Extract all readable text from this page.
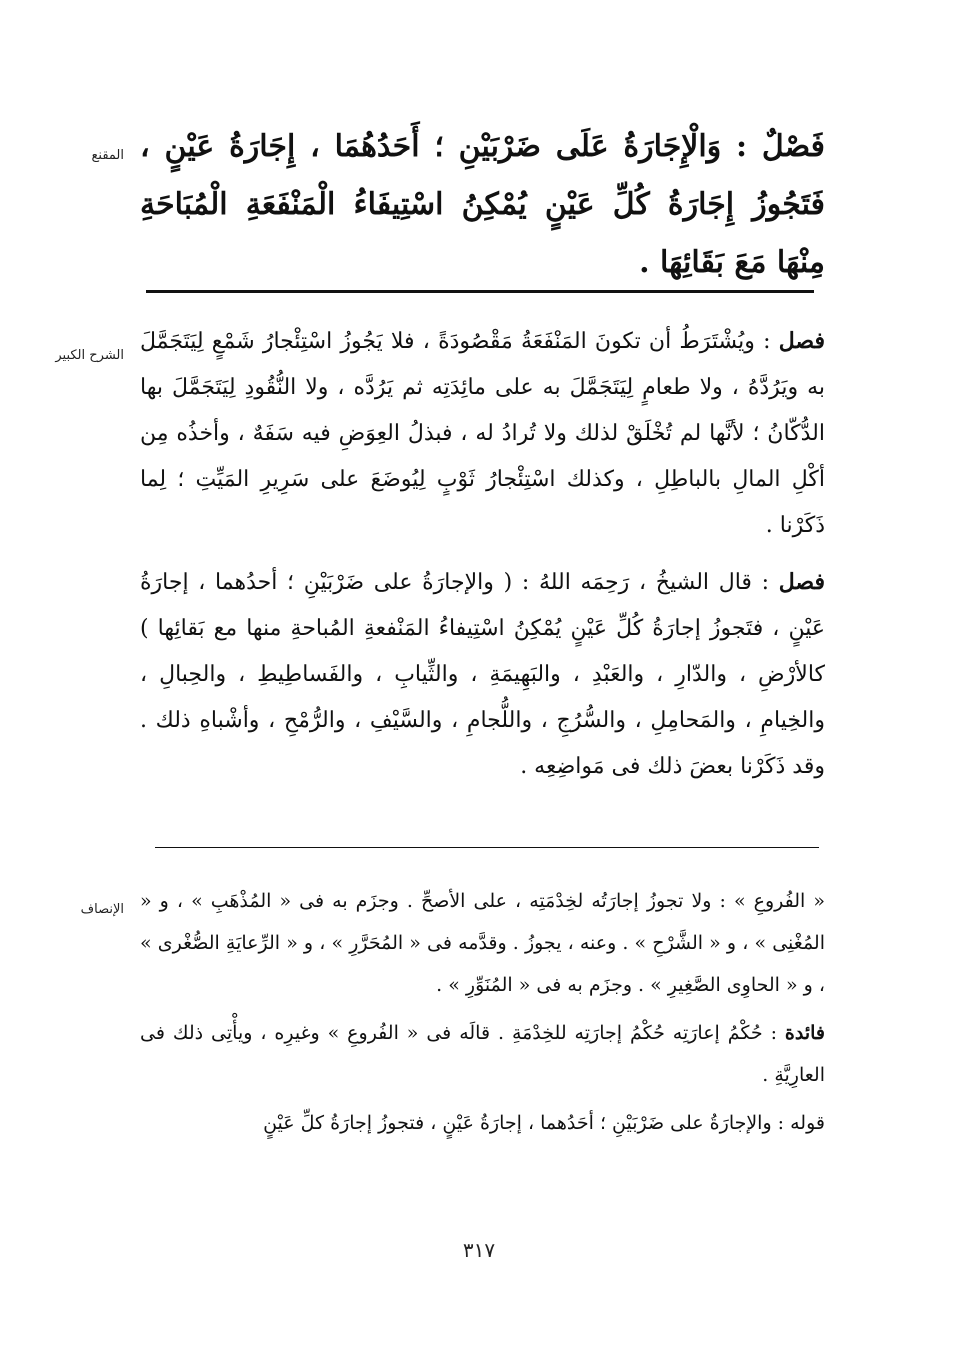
المقنع	فَصْلٌ : وَالْإِجَارَةُ عَلَى ضَرْبَيْنِ ؛ أَحَدُهُمَا ، إِجَارَةُ عَيْنٍ ، فَتَجُوزُ إِجَارَةُ كُلِّ عَيْنٍ يُمْكِنُ اسْتِيفَاءُ الْمَنْفَعَةِ الْمُبَاحَةِ مِنْهَا مَعَ بَقَائِهَا .

الشرح الكبير

فصل : ويُشْتَرَطُ أن تكونَ المَنْفَعَةُ مَقْصُودَةً ، فلا يَجُوزُ اسْتِئْجارُ شَمْعٍ لِيَتَجَمَّلَ به ويَرُدَّهُ ، ولا طعامٍ لِيَتَجَمَّلَ به على مائِدَتِه ثم يَرُدَّه ، ولا النُّقُودِ لِيَتَجَمَّلَ بها الدُّكّانُ ؛ لأنَّها لم تُخْلَقْ لذلك ولا تُرادُ له ، فبذلُ العِوَضِ فيه سَفَهٌ ، وأخذُه مِن أكْلِ المالِ بالباطِلِ ، وكذلك اسْتِئْجارُ ثَوْبٍ لِيُوضَعَ على سَرِيرِ المَيِّتِ ؛ لِما ذَكَرْنا .

فصل : قال الشيخُ ، رَحِمَه اللهُ : ( والإجارَةُ على ضَرْبَيْنِ ؛ أحدُهما ، إجارَةُ عَيْنٍ ، فتَجوزُ إجارَةُ كُلِّ عَيْنٍ يُمْكِنُ اسْتِيفاءُ المَنْفعةِ المُباحةِ منها مع بَقائِها ) كالأرْضِ ، والدّارِ ، والعَبْدِ ، والبَهِيمَةِ ، والثِّيابِ ، والفَساطِيطِ ، والحِبالِ ، والخِيامِ ، والمَحامِلِ ، والسُّرُجِ ، واللُّجامِ ، والسَّيْفِ ، والرُّمْحِ ، وأشْباهِ ذلك . وقد ذَكَرْنا بعضَ ذلك فى مَواضِعِه .

الإنصاف « الفُروعِ » : ولا تجوزُ إجارَتُه لخِدْمَتِه ، على الأصحِّ . وجزَم به فى « المُذْهَبِ » ، و « المُغْنِى » ، و « الشَّرْحِ » . وعنه ، يجوزُ . وقدَّمه فى « المُحَرَّرِ » ، و « الرِّعايَةِ الصُّغْرى » ، و « الحاوِى الصَّغِيرِ » . وجزَم به فى « المُنَوِّرِ » .

فائدة : حُكْمُ إعارَتِه حُكْمُ إجارَتِه للخِدْمَةِ . قالَه فى « الفُروعِ » وغيرِه ، ويأْتِى ذلك فى العارِيَّةِ .

قوله : والإجارَةُ على ضَرْبَيْنِ ؛ أحَدُهما ، إجارَةُ عَيْنٍ ، فتجوزُ إجارَةُ كلِّ عَيْنٍ

٣١٧
